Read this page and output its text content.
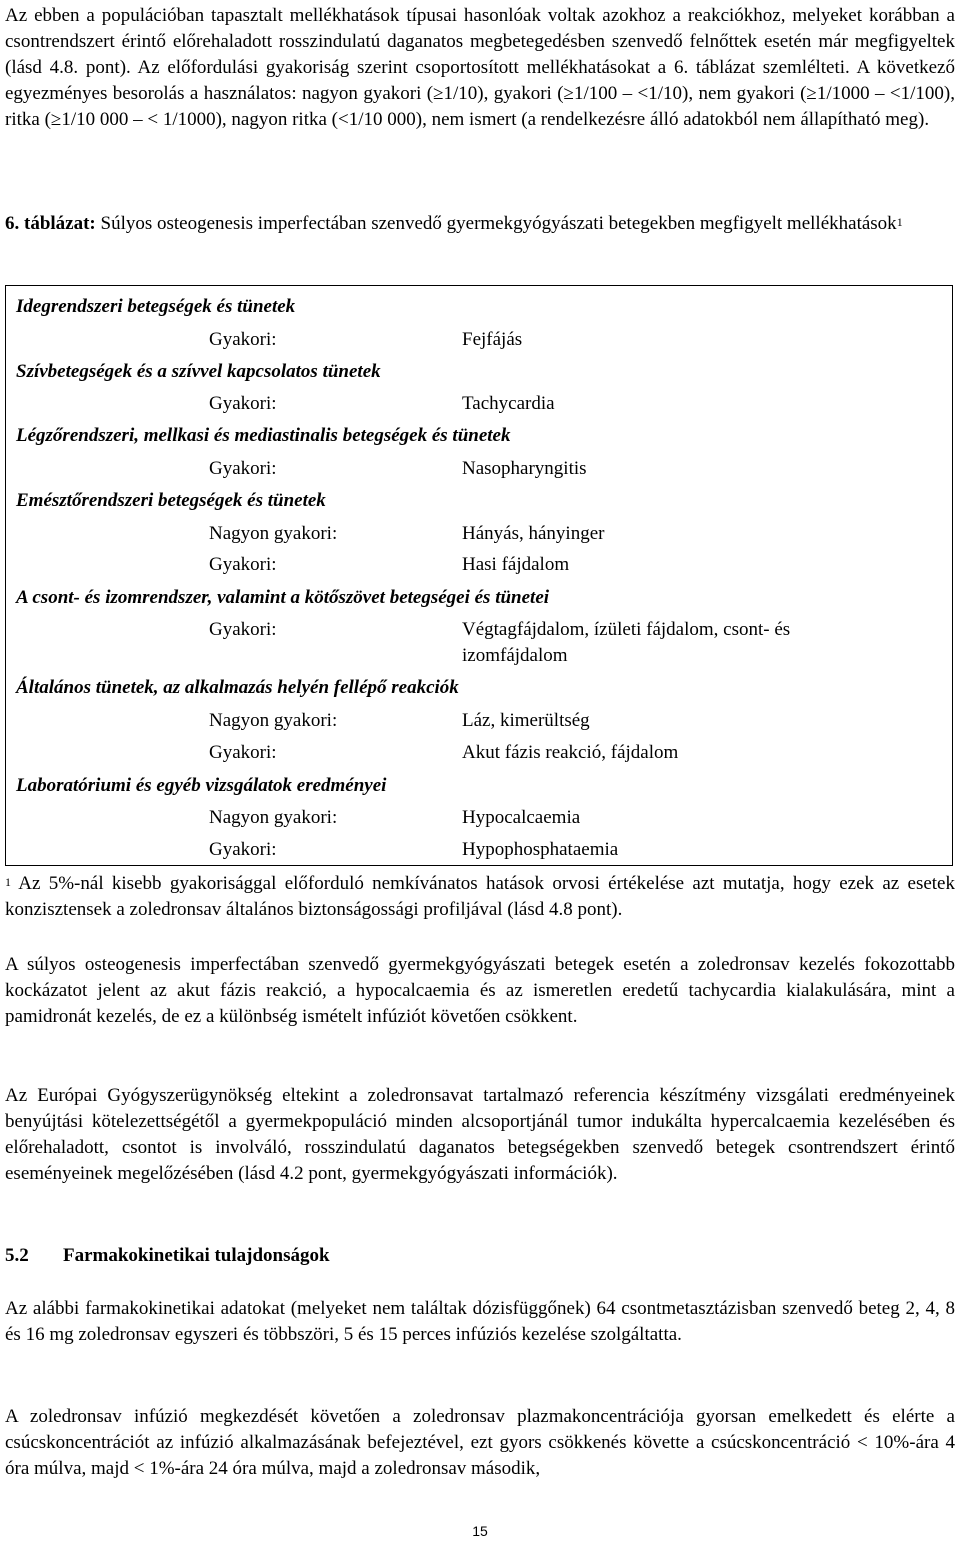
Az ebben a populációban tapasztalt mellékhatások típusai hasonlóak voltak azokhoz a reakciókhoz, melyeket korábban a csontrendszert érintő előrehaladott rosszindulatú daganatos megbetegedésben szenvedő felnőttek esetén már megfigyeltek (lásd 4.8. pont). Az előfordulási gyakoriság szerint csoportosított mellékhatásokat a 6. táblázat szemlélteti. A következő egyezményes besorolás a használatos: nagyon gyakori (≥1/10), gyakori (≥1/100 – <1/10), nem gyakori (≥1/1000 – <1/100), ritka (≥1/10 000 – < 1/1000), nagyon ritka (<1/10 000), nem ismert (a rendelkezésre álló adatokból nem állapítható meg).

6. táblázat: Súlyos osteogenesis imperfectában szenvedő gyermekgyógyászati betegekben megfigyelt mellékhatások$^1$

Idegrendszeri betegségek és tünetek
Gyakori:	Fejfájás
Szívbetegségek és a szívvel kapcsolatos tünetek
Gyakori:	Tachycardia
Légzőrendszeri, mellkasi és mediastinalis betegségek és tünetek
Gyakori:	Nasopharyngitis
Emésztőrendszeri betegségek és tünetek
Nagyon gyakori:	Hányás, hányinger
Gyakori:	Hasi fájdalom
A csont- és izomrendszer, valamint a kötőszövet betegségei és tünetei
Gyakori:	Végtagfájdalom, ízületi fájdalom, csont- és izomfájdalom
Általános tünetek, az alkalmazás helyén fellépő reakciók
Nagyon gyakori:	Láz, kimerültség
Gyakori:	Akut fázis reakció, fájdalom
Laboratóriumi és egyéb vizsgálatok eredményei
Nagyon gyakori:	Hypocalcaemia
Gyakori:	Hypophosphataemia

$^1$ Az 5%-nál kisebb gyakorisággal előforduló nemkívánatos hatások orvosi értékelése azt mutatja, hogy ezek az esetek konzisztensek a zoledronsav általános biztonságossági profiljával (lásd 4.8 pont).

A súlyos osteogenesis imperfectában szenvedő gyermekgyógyászati betegek esetén a zoledronsav kezelés fokozottabb kockázatot jelent az akut fázis reakció, a hypocalcaemia és az ismeretlen eredetű tachycardia kialakulására, mint a pamidronát kezelés, de ez a különbség ismételt infúziót követően csökkent.

Az Európai Gyógyszerügynökség eltekint a zoledronsavat tartalmazó referencia készítmény vizsgálati eredményeinek benyújtási kötelezettségétől a gyermekpopuláció minden alcsoportjánál tumor indukálta hypercalcaemia kezelésében és előrehaladott, csontot is involváló, rosszindulatú daganatos betegségekben szenvedő betegek csontrendszert érintő eseményeinek megelőzésében (lásd 4.2 pont, gyermekgyógyászati információk).

5.2 Farmakokinetikai tulajdonságok

Az alábbi farmakokinetikai adatokat (melyeket nem találtak dózisfüggőnek) 64 csontmetasztázisban szenvedő beteg 2, 4, 8 és 16 mg zoledronsav egyszeri és többszöri, 5 és 15 perces infúziós kezelése szolgáltatta.

A zoledronsav infúzió megkezdését követően a zoledronsav plazmakoncentrációja gyorsan emelkedett és elérte a csúcskoncentrációt az infúzió alkalmazásának befejeztével, ezt gyors csökkenés követte a csúcskoncentráció < 10%-ára 4 óra múlva, majd < 1%-ára 24 óra múlva, majd a zoledronsav második,

15
